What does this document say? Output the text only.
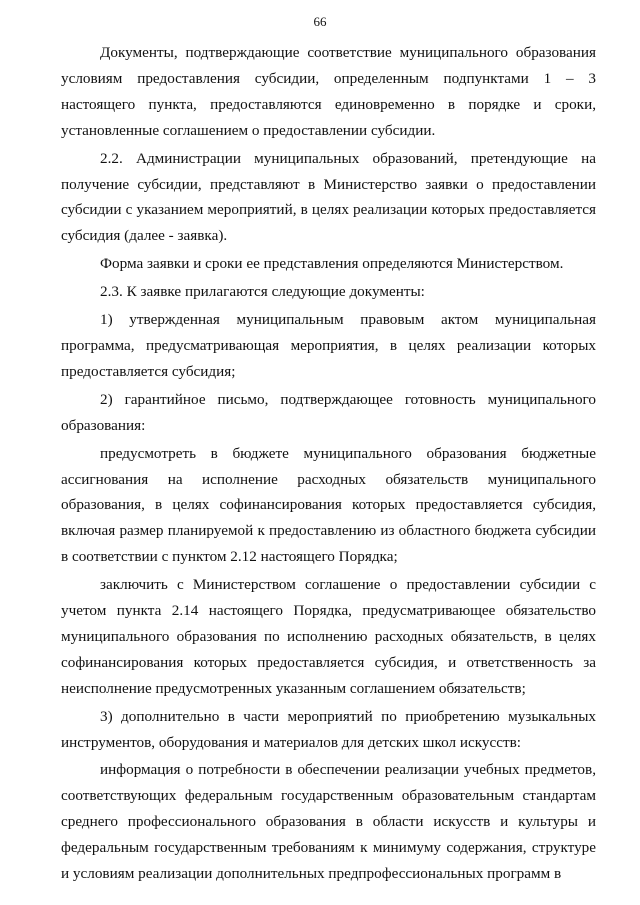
66

Документы, подтверждающие соответствие муниципального образования условиям предоставления субсидии, определенным подпунктами 1 – 3 настоящего пункта, предоставляются единовременно в порядке и сроки, установленные соглашением о предоставлении субсидии.

2.2. Администрации муниципальных образований, претендующие на получение субсидии, представляют в Министерство заявки о предоставлении субсидии с указанием мероприятий, в целях реализации которых предоставляется субсидия (далее - заявка).

Форма заявки и сроки ее представления определяются Министерством.

2.3. К заявке прилагаются следующие документы:

1) утвержденная муниципальным правовым актом муниципальная программа, предусматривающая мероприятия, в целях реализации которых предоставляется субсидия;

2) гарантийное письмо, подтверждающее готовность муниципального образования:

предусмотреть в бюджете муниципального образования бюджетные ассигнования на исполнение расходных обязательств муниципального образования, в целях софинансирования которых предоставляется субсидия, включая размер планируемой к предоставлению из областного бюджета субсидии в соответствии с пунктом 2.12 настоящего Порядка;

заключить с Министерством соглашение о предоставлении субсидии с учетом пункта 2.14 настоящего Порядка, предусматривающее обязательство муниципального образования по исполнению расходных обязательств, в целях софинансирования которых предоставляется субсидия, и ответственность за неисполнение предусмотренных указанным соглашением обязательств;

3) дополнительно в части мероприятий по приобретению музыкальных инструментов, оборудования и материалов для детских школ искусств:

информация о потребности в обеспечении реализации учебных предметов, соответствующих федеральным государственным образовательным стандартам среднего профессионального образования в области искусств и культуры и федеральным государственным требованиям к минимуму содержания, структуре и условиям реализации дополнительных предпрофессиональных программ в
